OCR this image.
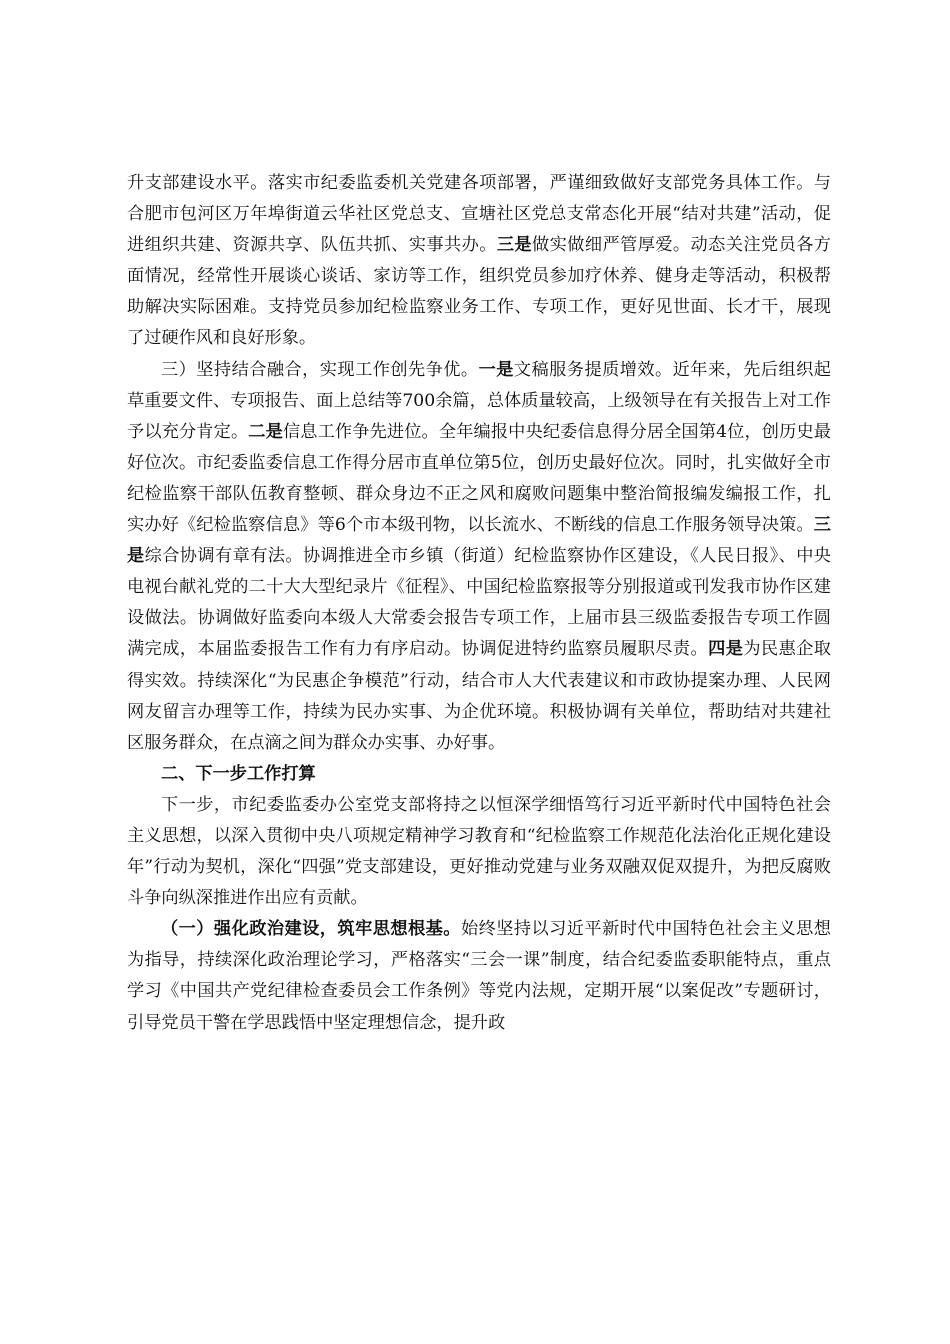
升支部建设水平。落实市纪委监委机关党建各项部署，严谨细致做好支部党务具体工作。与合肥市包河区万年埠街道云华社区党总支、宣塘社区党总支常态化开展“结对共建”活动，促进组织共建、资源共享、队伍共抓、实事共办。三是做实做细严管厚爱。动态关注党员各方面情况，经常性开展谈心谈话、家访等工作，组织党员参加疗休养、健身走等活动，积极帮助解决实际困难。支持党员参加纪检监察业务工作、专项工作，更好见世面、长才干，展现了过硬作风和良好形象。

三）坚持结合融合，实现工作创先争优。一是文稿服务提质增效。近年来，先后组织起草重要文件、专项报告、面上总结等700余篇，总体质量较高，上级领导在有关报告上对工作予以充分肯定。二是信息工作争先进位。全年编报中央纪委信息得分居全国第4位，创历史最好位次。市纪委监委信息工作得分居市直单位第5位，创历史最好位次。同时，扎实做好全市纪检监察干部队伍教育整顿、群众身边不正之风和腐败问题集中整治简报编发编报工作，扎实办好《纪检监察信息》等6个市本级刊物，以长流水、不断线的信息工作服务领导决策。三是综合协调有章有法。协调推进全市乡镇（街道）纪检监察协作区建设，《人民日报》、中央电视台献礼党的二十大大型纪录片《征程》、中国纪检监察报等分别报道或刊发我市协作区建设做法。协调做好监委向本级人大常委会报告专项工作，上届市县三级监委报告专项工作圆满完成，本届监委报告工作有力有序启动。协调促进特约监察员履职尽责。四是为民惠企取得实效。持续深化“为民惠企争模范”行动，结合市人大代表建议和市政协提案办理、人民网网友留言办理等工作，持续为民办实事、为企优环境。积极协调有关单位，帮助结对共建社区服务群众，在点滴之间为群众办实事、办好事。

二、下一步工作打算

下一步，市纪委监委办公室党支部将持之以恒深学细悟笃行习近平新时代中国特色社会主义思想，以深入贯彻中央八项规定精神学习教育和“纪检监察工作规范化法治化正规化建设年”行动为契机，深化“四强”党支部建设，更好推动党建与业务双融双促双提升，为把反腐败斗争向纵深推进作出应有贡献。

（一）强化政治建设，筑牢思想根基。始终坚持以习近平新时代中国特色社会主义思想为指导，持续深化政治理论学习，严格落实“三会一课”制度，结合纪委监委职能特点，重点学习《中国共产党纪律检查委员会工作条例》等党内法规，定期开展“以案促改”专题研讨，引导党员干警在学思践悟中坚定理想信念，提升政
